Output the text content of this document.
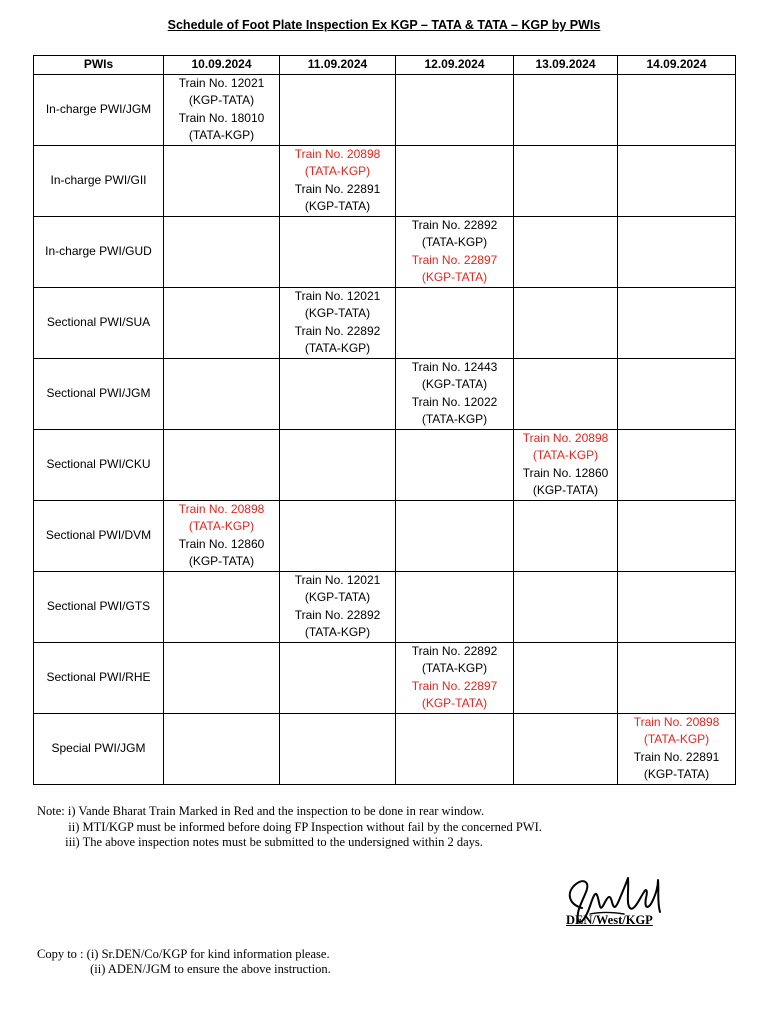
Schedule of Foot Plate Inspection Ex KGP – TATA & TATA – KGP by PWIs
PWIs	10.09.2024	11.09.2024	12.09.2024	13.09.2024	14.09.2024
In-charge PWI/JGM	Train No. 12021
(KGP-TATA)
Train No. 18010
(TATA-KGP)				

In-charge PWI/GII		Train No. 20898
(TATA-KGP)
Train No. 22891
(KGP-TATA)			

In-charge PWI/GUD			Train No. 22892
(TATA-KGP)
Train No. 22897
(KGP-TATA)		

Sectional PWI/SUA		Train No. 12021
(KGP-TATA)
Train No. 22892
(TATA-KGP)			

Sectional PWI/JGM			Train No. 12443
(KGP-TATA)
Train No. 12022
(TATA-KGP)		

Sectional PWI/CKU				Train No. 20898
(TATA-KGP)
Train No. 12860
(KGP-TATA)	

Sectional PWI/DVM	Train No. 20898
(TATA-KGP)
Train No. 12860
(KGP-TATA)				

Sectional PWI/GTS		Train No. 12021
(KGP-TATA)
Train No. 22892
(TATA-KGP)			

Sectional PWI/RHE			Train No. 22892
(TATA-KGP)
Train No. 22897
(KGP-TATA)		

Special PWI/JGM					Train No. 20898
(TATA-KGP)
Train No. 22891
(KGP-TATA)
Note: i) Vande Bharat Train Marked in Red and the inspection to be done in rear window.
ii) MTI/KGP must be informed before doing FP Inspection without fail by the concerned PWI.
iii) The above inspection notes must be submitted to the undersigned within 2 days.
DEN/West/KGP
Copy to : (i) Sr.DEN/Co/KGP for kind information please.
(ii) ADEN/JGM to ensure the above instruction.
